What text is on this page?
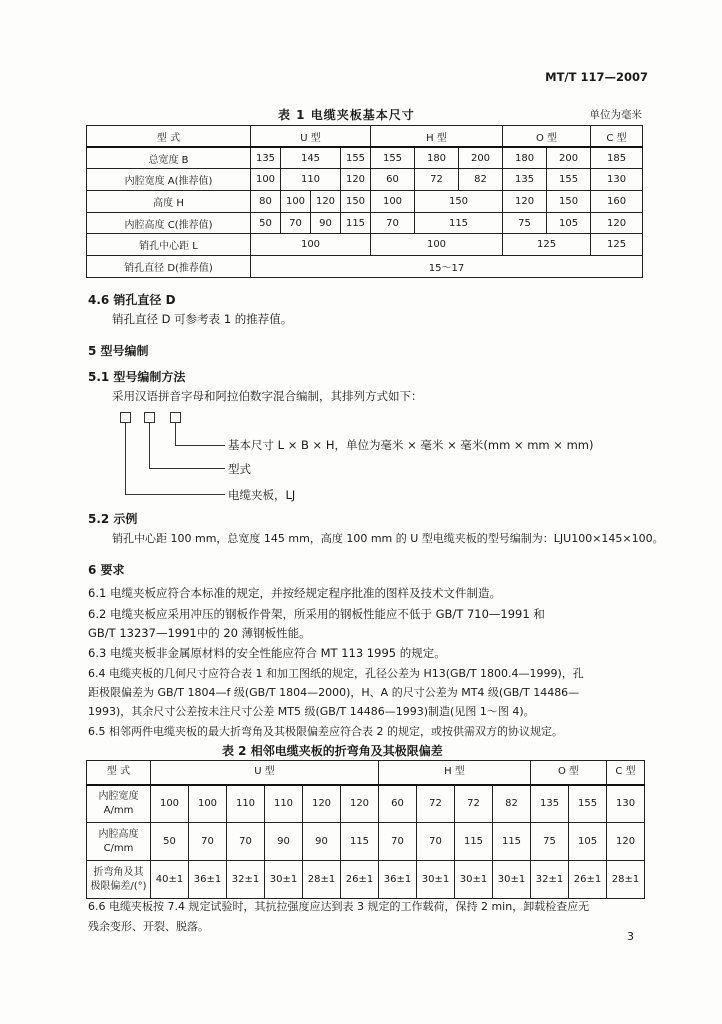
MT/T 117—2007
表 1 电缆夹板基本尺寸	单位为毫米
型 式	U 型				H 型			O 型		C 型
总宽度 B	135	145		155	155	180	200	180	200	185
内腔宽度 A(推荐值)	100	110		120	60	72	82	135	155	130
高度 H	80	100	120	150	100	150		120	150	160
内腔高度 C(推荐值)	50	70	90	115	70	115		75	105	120
销孔中心距 L	100				100			125		125
销孔直径 D(推荐值)	15～17									
4.6 销孔直径 D
销孔直径 D 可参考表 1 的推荐值。
5 型号编制
5.1 型号编制方法
采用汉语拼音字母和阿拉伯数字混合编制，其排列方式如下：
基本尺寸 L × B × H，单位为毫米 × 毫米 × 毫米(mm × mm × mm)
型式
电缆夹板，LJ
5.2 示例
销孔中心距 100 mm，总宽度 145 mm，高度 100 mm 的 U 型电缆夹板的型号编制为：LJU100×145×100。
6 要求
6.1 电缆夹板应符合本标准的规定，并按经规定程序批准的图样及技术文件制造。
6.2 电缆夹板应采用冲压的钢板作骨架，所采用的钢板性能应不低于 GB/T 710—1991 和
GB/T 13237—1991中的 20 薄钢板性能。
6.3 电缆夹板非金属原材料的安全性能应符合 MT 113 1995 的规定。
6.4 电缆夹板的几何尺寸应符合表 1 和加工图纸的规定，孔径公差为 H13(GB/T 1800.4—1999)，孔
距极限偏差为 GB/T 1804—f 级(GB/T 1804—2000)，H、A 的尺寸公差为 MT4 级(GB/T 14486—
1993)，其余尺寸公差按未注尺寸公差 MT5 级(GB/T 14486—1993)制造(见图 1～图 4)。
6.5 相邻两件电缆夹板的最大折弯角及其极限偏差应符合表 2 的规定，或按供需双方的协议规定。
表 2 相邻电缆夹板的折弯角及其极限偏差
型 式	U 型						H 型				O 型		C 型
内腔宽度
A/mm	100	100	110	110	120	120	60	72	72	82	135	155	130
内腔高度
C/mm	50	70	70	90	90	115	70	70	115	115	75	105	120
折弯角及其
极限偏差/(°)	40±1	36±1	32±1	30±1	28±1	26±1	36±1	30±1	30±1	30±1	32±1	26±1	28±1
6.6 电缆夹板按 7.4 规定试验时，其抗拉强度应达到表 3 规定的工作载荷，保持 2 min，卸载检查应无
残余变形、开裂、脱落。
3
